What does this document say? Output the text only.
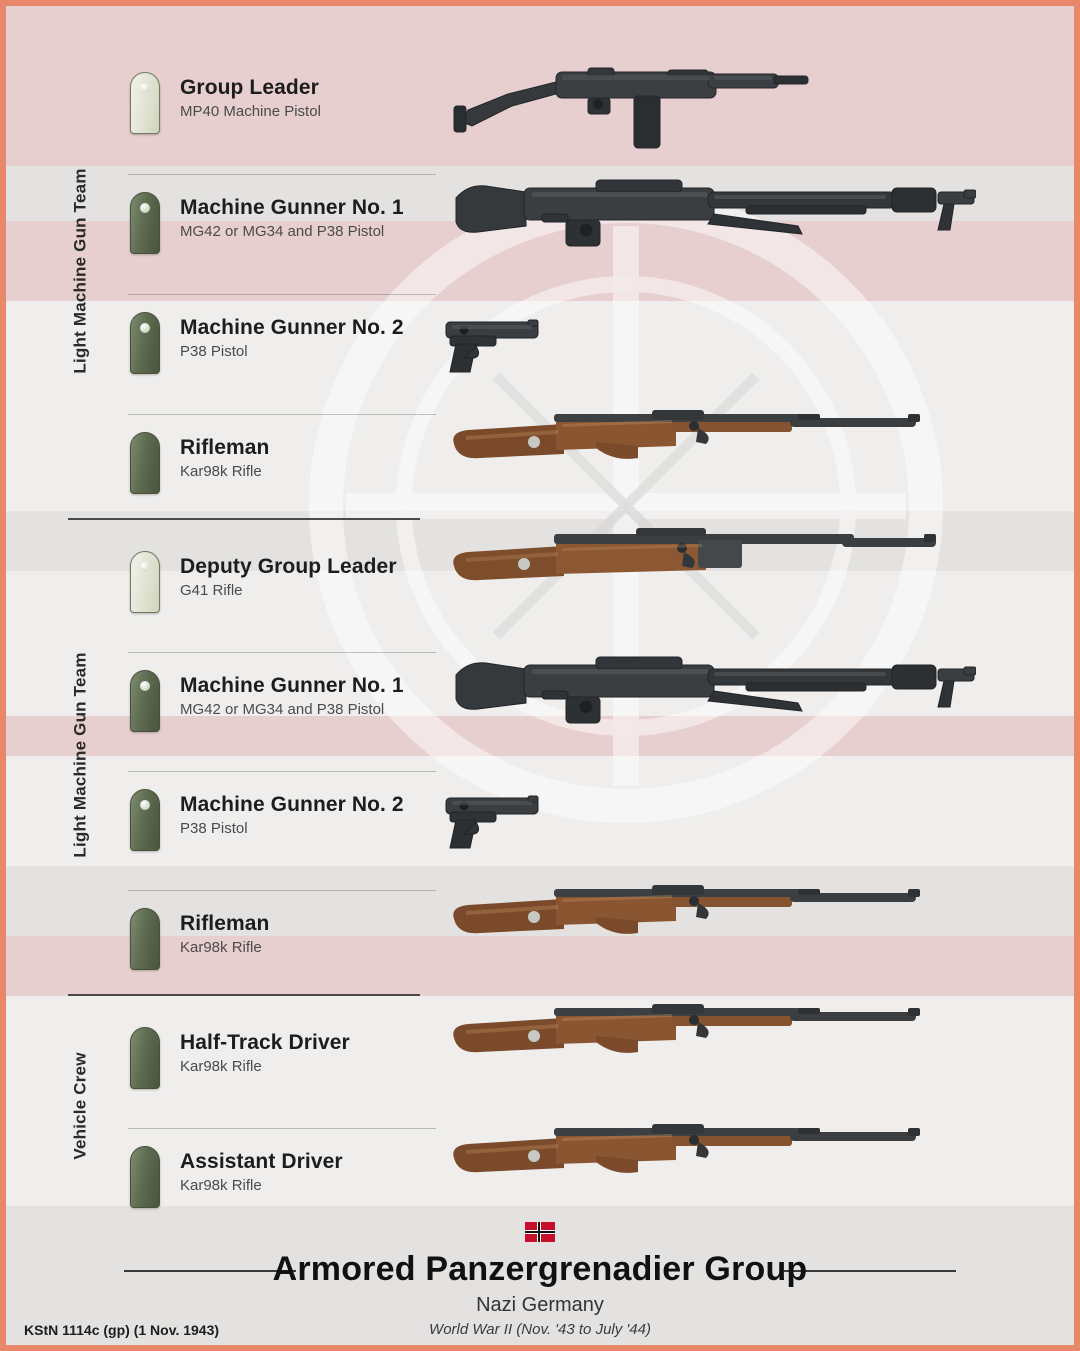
Light Machine Gun Team
Light Machine Gun Team
Vehicle Crew
Group Leader
MP40 Machine Pistol
Machine Gunner No. 1
MG42 or MG34 and P38 Pistol
Machine Gunner No. 2
P38 Pistol
Rifleman
Kar98k Rifle
Deputy Group Leader
G41 Rifle
Machine Gunner No. 1
MG42 or MG34 and P38 Pistol
Machine Gunner No. 2
P38 Pistol
Rifleman
Kar98k Rifle
Half-Track Driver
Kar98k Rifle
Assistant Driver
Kar98k Rifle
Armored Panzergrenadier Group
Nazi Germany
World War II (Nov. '43 to July '44)
KStN 1114c (gp) (1 Nov. 1943)
